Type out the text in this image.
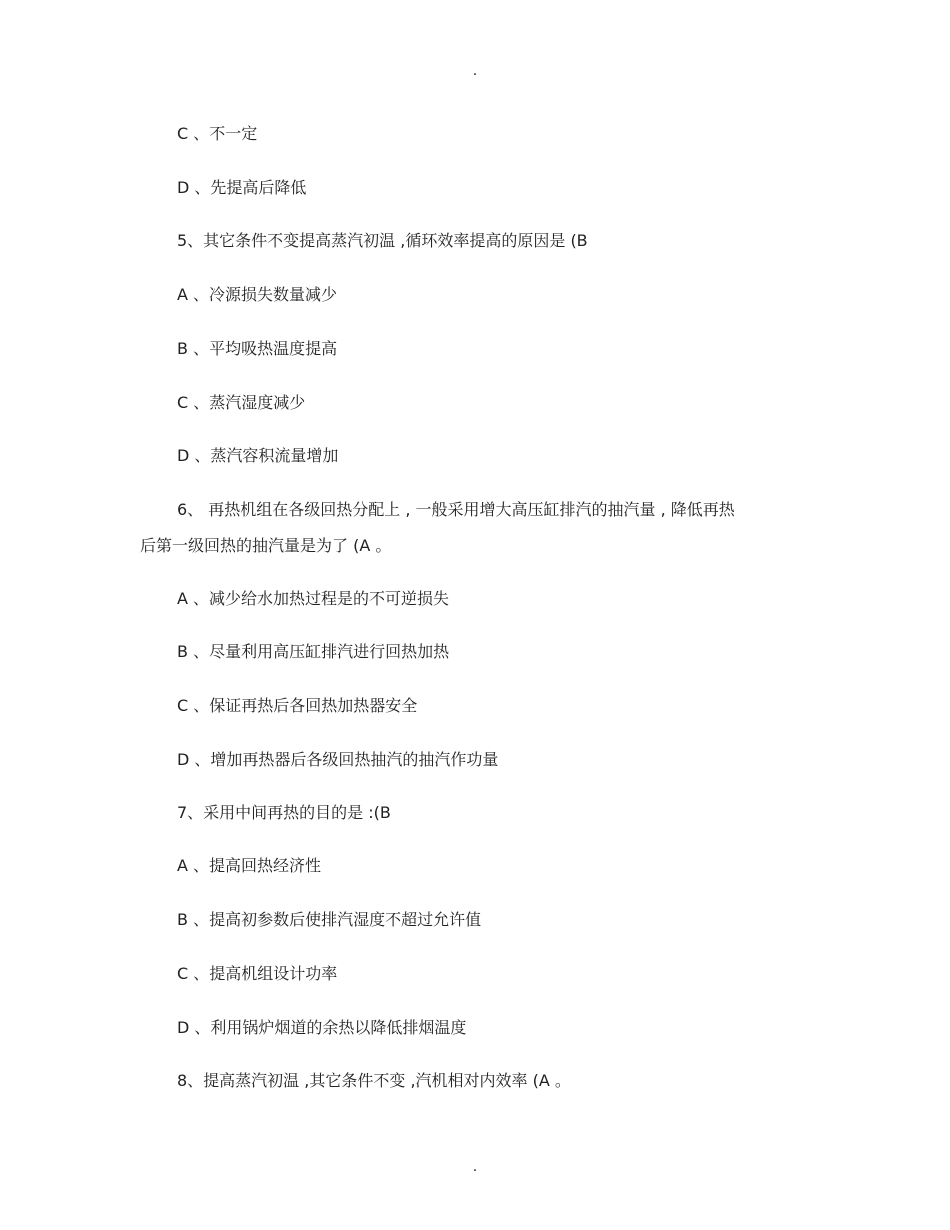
.
C 、不一定
D 、先提高后降低
5、其它条件不变提高蒸汽初温 ,循环效率提高的原因是 (B
A 、冷源损失数量减少
B 、平均吸热温度提高
C 、蒸汽湿度减少
D 、蒸汽容积流量增加
6、 再热机组在各级回热分配上 , 一般采用增大高压缸排汽的抽汽量 , 降低再热
后第一级回热的抽汽量是为了 (A 。
A 、减少给水加热过程是的不可逆损失
B 、尽量利用高压缸排汽进行回热加热
C 、保证再热后各回热加热器安全
D 、增加再热器后各级回热抽汽的抽汽作功量
7、采用中间再热的目的是 :(B
A 、提高回热经济性
B 、提高初参数后使排汽湿度不超过允许值
C 、提高机组设计功率
D 、利用锅炉烟道的余热以降低排烟温度
8、提高蒸汽初温 ,其它条件不变 ,汽机相对内效率 (A 。
.
